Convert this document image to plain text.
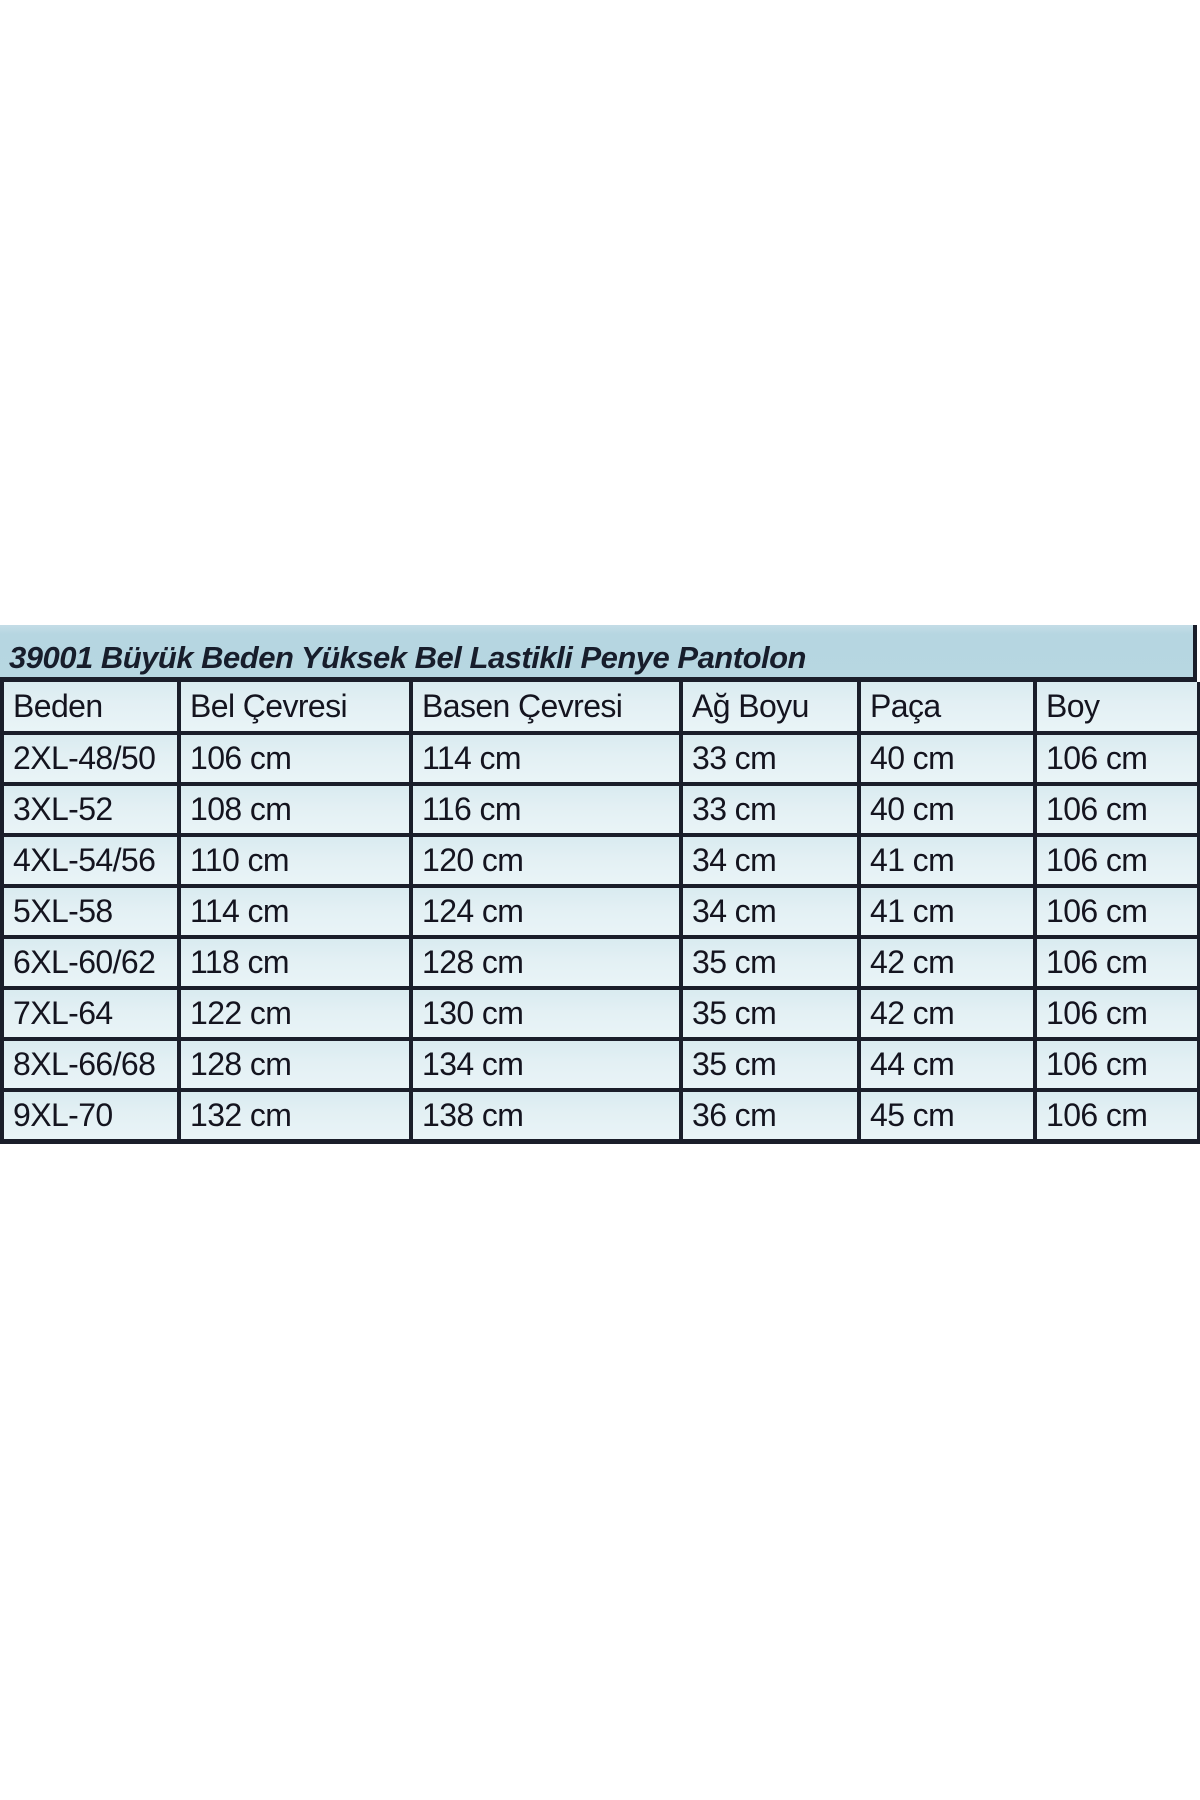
39001 Büyük Beden Yüksek Bel Lastikli Penye Pantolon
Beden	Bel Çevresi	Basen Çevresi	Ağ Boyu	Paça	Boy
2XL-48/50	106 cm	114 cm	33 cm	40 cm	106 cm
3XL-52	108 cm	116 cm	33 cm	40 cm	106 cm
4XL-54/56	110 cm	120 cm	34 cm	41 cm	106 cm
5XL-58	114 cm	124 cm	34 cm	41 cm	106 cm
6XL-60/62	118 cm	128 cm	35 cm	42 cm	106 cm
7XL-64	122 cm	130 cm	35 cm	42 cm	106 cm
8XL-66/68	128 cm	134 cm	35 cm	44 cm	106 cm
9XL-70	132 cm	138 cm	36 cm	45 cm	106 cm
